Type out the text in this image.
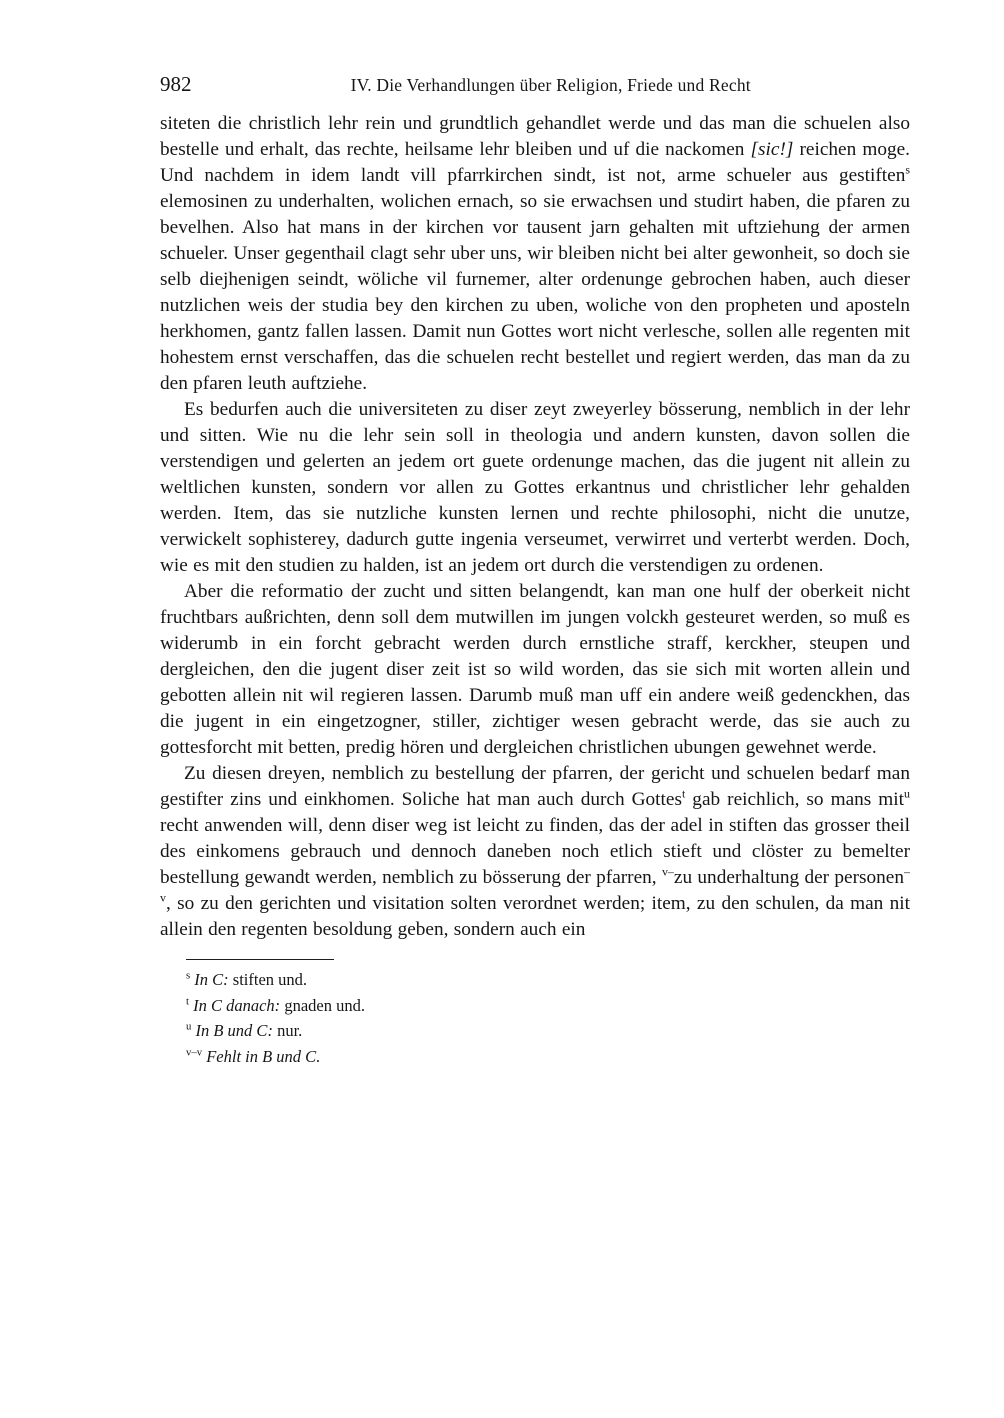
982	IV. Die Verhandlungen über Religion, Friede und Recht

siteten die christlich lehr rein und grundtlich gehandlet werde und das man die schuelen also bestelle und erhalt, das rechte, heilsame lehr bleiben und uf die nackomen [sic!] reichen moge. Und nachdem in idem landt vill pfarrkirchen sindt, ist not, arme schueler aus gestiften$^s$ elemosinen zu underhalten, wolichen ernach, so sie erwachsen und studirt haben, die pfaren zu bevelhen. Also hat mans in der kirchen vor tausent jarn gehalten mit uftziehung der armen schueler. Unser gegenthail clagt sehr uber uns, wir bleiben nicht bei alter gewonheit, so doch sie selb diejhenigen seindt, wöliche vil furnemer, alter ordenunge gebrochen haben, auch dieser nutzlichen weis der studia bey den kirchen zu uben, woliche von den propheten und aposteln herkhomen, gantz fallen lassen. Damit nun Gottes wort nicht verlesche, sollen alle regenten mit hohestem ernst verschaffen, das die schuelen recht bestellet und regiert werden, das man da zu den pfaren leuth auftziehe.

Es bedurfen auch die universiteten zu diser zeyt zweyerley bösserung, nemblich in der lehr und sitten. Wie nu die lehr sein soll in theologia und andern kunsten, davon sollen die verstendigen und gelerten an jedem ort guete ordenunge machen, das die jugent nit allein zu weltlichen kunsten, sondern vor allen zu Gottes erkantnus und christlicher lehr gehalden werden. Item, das sie nutzliche kunsten lernen und rechte philosophi, nicht die unutze, verwickelt sophisterey, dadurch gutte ingenia verseumet, verwirret und verterbt werden. Doch, wie es mit den studien zu halden, ist an jedem ort durch die verstendigen zu ordenen.

Aber die reformatio der zucht und sitten belangendt, kan man one hulf der oberkeit nicht fruchtbars außrichten, denn soll dem mutwillen im jungen volckh gesteuret werden, so muß es widerumb in ein forcht gebracht werden durch ernstliche straff, kerckher, steupen und dergleichen, den die jugent diser zeit ist so wild worden, das sie sich mit worten allein und gebotten allein nit wil regieren lassen. Darumb muß man uff ein andere weiß gedenckhen, das die jugent in ein eingetzogner, stiller, zichtiger wesen gebracht werde, das sie auch zu gottesforcht mit betten, predig hören und dergleichen christlichen ubungen gewehnet werde.

Zu diesen dreyen, nemblich zu bestellung der pfarren, der gericht und schuelen bedarf man gestifter zins und einkhomen. Soliche hat man auch durch Gottes$^t$ gab reichlich, so mans mit$^u$ recht anwenden will, denn diser weg ist leicht zu finden, das der adel in stiften das grosser theil des einkomens gebrauch und dennoch daneben noch etlich stieft und clöster zu bemelter bestellung gewandt werden, nemblich zu bösserung der pfarren, $^{v-}$zu underhaltung der personen$^{-v}$, so zu den gerichten und visitation solten verordnet werden; item, zu den schulen, da man nit allein den regenten besoldung geben, sondern auch ein

$^s$ In C: stiften und.

$^t$ In C danach: gnaden und.

$^u$ In B und C: nur.

$^{v-v}$ Fehlt in B und C.
